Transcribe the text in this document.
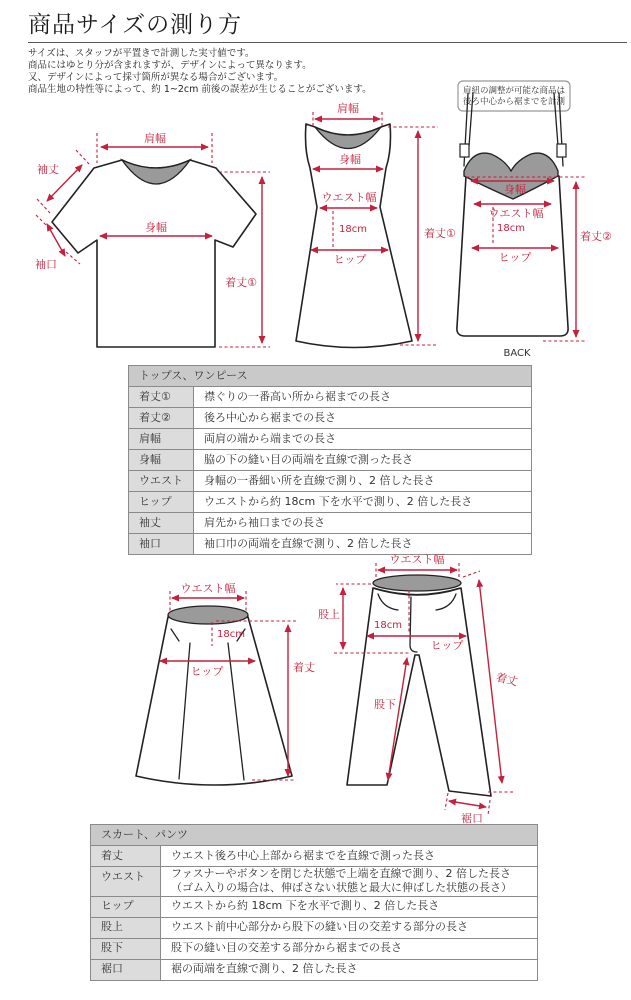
商品サイズの測り方
サイズは、スタッフが平置きで計測した実寸値です。
商品にはゆとり分が含まれますが、デザインによって異なります。
又、デザインによって採寸箇所が異なる場合がございます。
商品生地の特性等によって、約 1~2cm 前後の誤差が生じることがございます。	肩紐の調整が可能な商品は
後ろ中心から裾までを計測
肩幅
袖丈
袖口
身幅
着丈①
肩幅
身幅
ウエスト幅
18cm
ヒップ
着丈①
身幅
ウエスト幅
18cm
ヒップ
着丈②
BACK
トップス、ワンピース	
着丈①	襟ぐりの一番高い所から裾までの長さ
着丈②	後ろ中心から裾までの長さ
肩幅	両肩の端から端までの長さ
身幅	脇の下の縫い目の両端を直線で測った長さ
ウエスト	身幅の一番細い所を直線で測り、2 倍した長さ
ヒップ	ウエストから約 18cm 下を水平で測り、2 倍した長さ
袖丈	肩先から袖口までの長さ
袖口	袖口巾の両端を直線で測り、2 倍した長さ
ウエスト幅
18cm
ヒップ	着丈
ウエスト幅
股上
18cm
ヒップ
股下
着丈
裾口
スカート、パンツ	
着丈	ウエスト後ろ中心上部から裾までを直線で測った長さ
ウエスト	ファスナーやボタンを閉じた状態で上端を直線で測り、2 倍した長さ
（ゴム入りの場合は、伸ばさない状態と最大に伸ばした状態の長さ）

ヒップ	ウエストから約 18cm 下を水平で測り、2 倍した長さ
股上	ウエスト前中心部分から股下の縫い目の交差する部分の長さ
股下	股下の縫い目の交差する部分から裾までの長さ
裾口	裾の両端を直線で測り、2 倍した長さ
